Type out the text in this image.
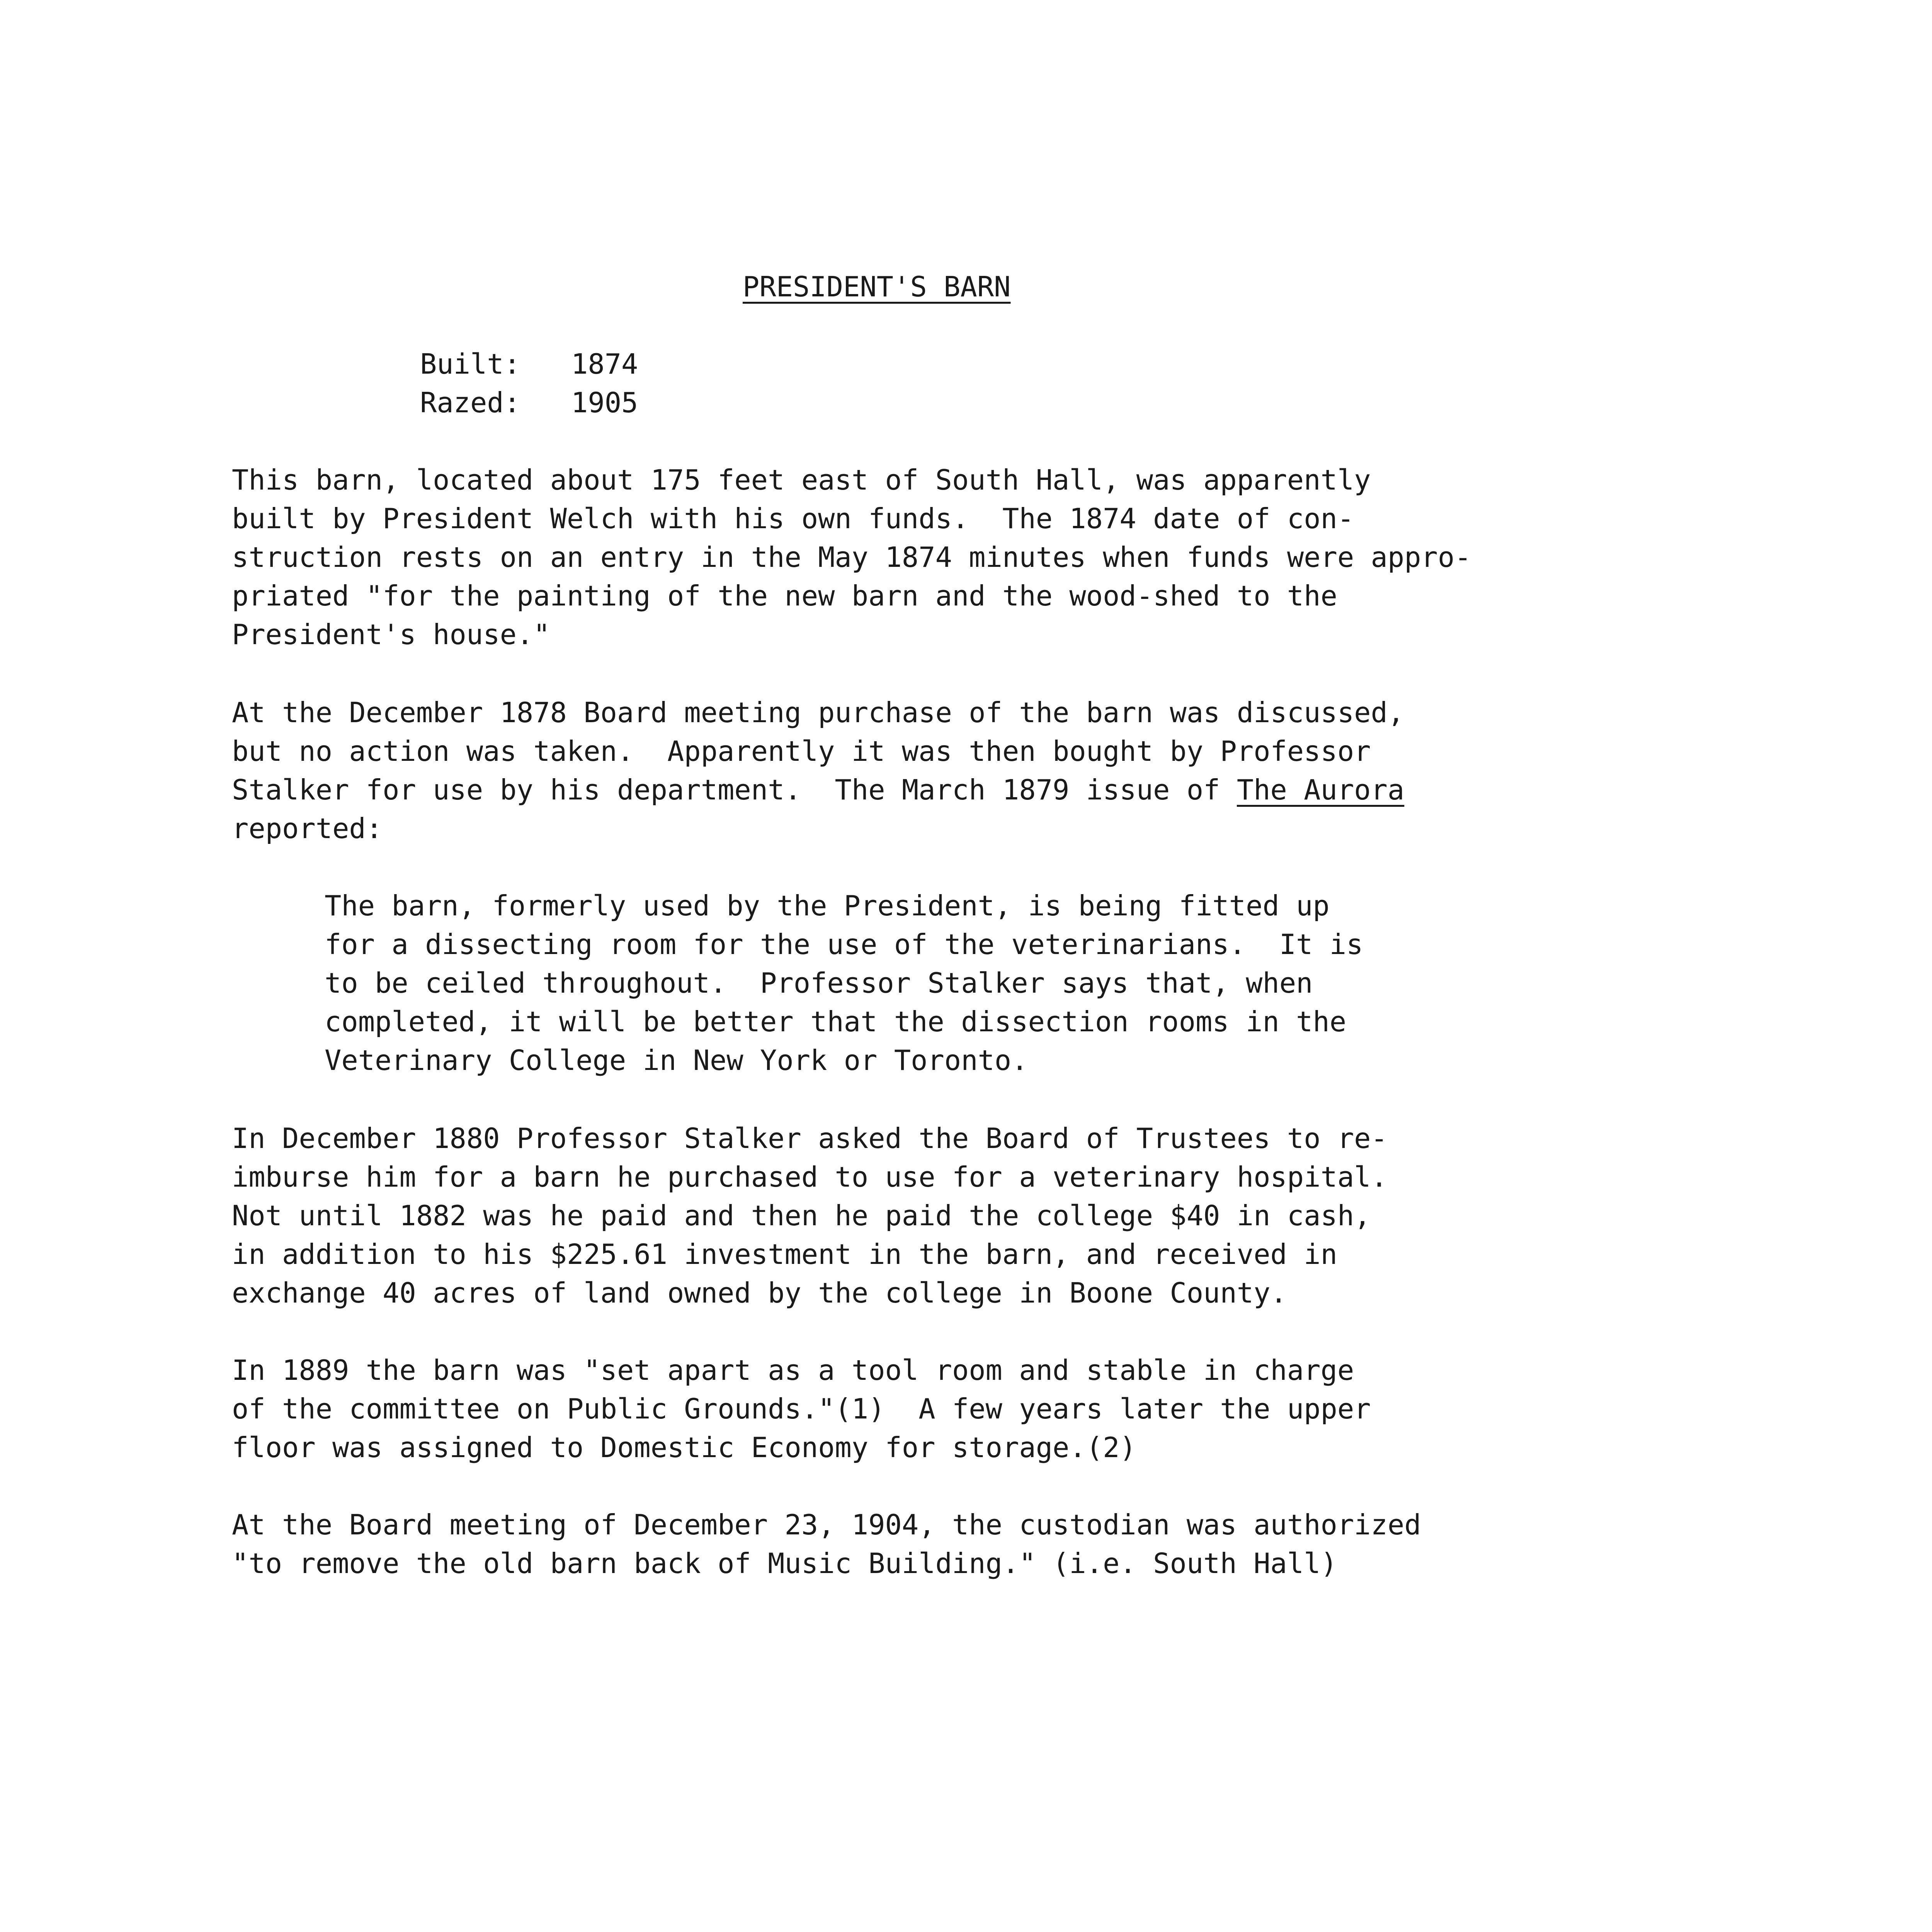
PRESIDENT'S BARN
Built: 1874
Razed: 1905
This barn, located about 175 feet east of South Hall, was apparently
built by President Welch with his own funds.  The 1874 date of con-
struction rests on an entry in the May 1874 minutes when funds were appro-
priated "for the painting of the new barn and the wood-shed to the
President's house."
At the December 1878 Board meeting purchase of the barn was discussed,
but no action was taken.  Apparently it was then bought by Professor
Stalker for use by his department.  The March 1879 issue of The Aurora
reported:
The barn, formerly used by the President, is being fitted up
for a dissecting room for the use of the veterinarians.  It is
to be ceiled throughout.  Professor Stalker says that, when
completed, it will be better that the dissection rooms in the
Veterinary College in New York or Toronto.
In December 1880 Professor Stalker asked the Board of Trustees to re-
imburse him for a barn he purchased to use for a veterinary hospital.
Not until 1882 was he paid and then he paid the college $40 in cash,
in addition to his $225.61 investment in the barn, and received in
exchange 40 acres of land owned by the college in Boone County.
In 1889 the barn was "set apart as a tool room and stable in charge
of the committee on Public Grounds."(1)  A few years later the upper
floor was assigned to Domestic Economy for storage.(2)
At the Board meeting of December 23, 1904, the custodian was authorized
"to remove the old barn back of Music Building." (i.e. South Hall)
